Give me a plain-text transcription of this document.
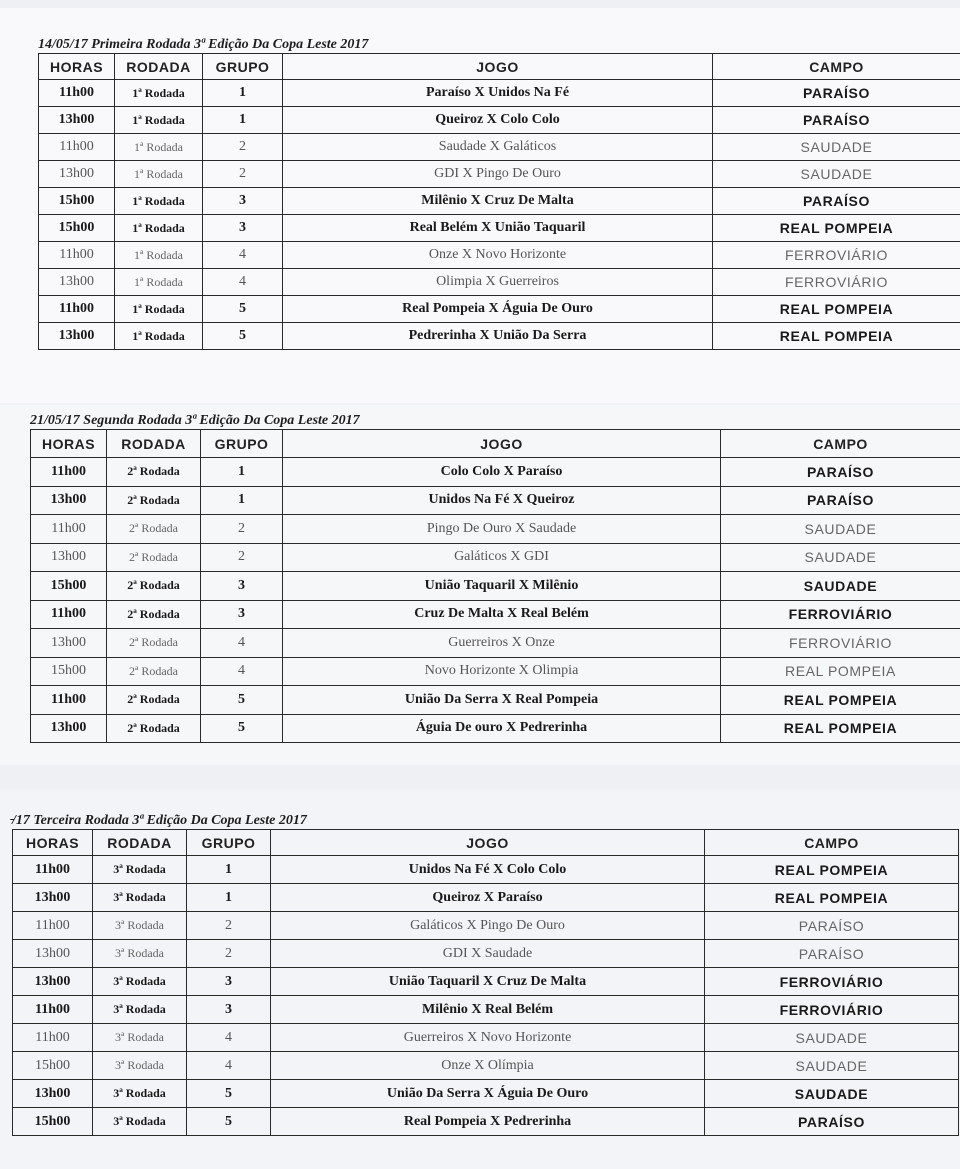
14/05/17 Primeira Rodada 3ª Edição Da Copa Leste 2017
HORAS	RODADA	GRUPO	JOGO	CAMPO
11h00	1ª Rodada	1	Paraíso X Unidos Na Fé	PARAÍSO
13h00	1ª Rodada	1	Queiroz X Colo Colo	PARAÍSO
11h00	1ª Rodada	2	Saudade X Galáticos	SAUDADE
13h00	1ª Rodada	2	GDI X Pingo De Ouro	SAUDADE
15h00	1ª Rodada	3	Milênio X Cruz De Malta	PARAÍSO
15h00	1ª Rodada	3	Real Belém X União Taquaril	REAL POMPEIA
11h00	1ª Rodada	4	Onze X Novo Horizonte	FERROVIÁRIO
13h00	1ª Rodada	4	Olimpia X Guerreiros	FERROVIÁRIO
11h00	1ª Rodada	5	Real Pompeia X Águia De Ouro	REAL POMPEIA
13h00	1ª Rodada	5	Pedrerinha X União Da Serra	REAL POMPEIA
21/05/17 Segunda Rodada 3ª Edição Da Copa Leste 2017
HORAS	RODADA	GRUPO	JOGO	CAMPO
11h00	2ª Rodada	1	Colo Colo X Paraíso	PARAÍSO
13h00	2ª Rodada	1	Unidos Na Fé X Queiroz	PARAÍSO
11h00	2ª Rodada	2	Pingo De Ouro X Saudade	SAUDADE
13h00	2ª Rodada	2	Galáticos X GDI	SAUDADE
15h00	2ª Rodada	3	União Taquaril X Milênio	SAUDADE
11h00	2ª Rodada	3	Cruz De Malta X Real Belém	FERROVIÁRIO
13h00	2ª Rodada	4	Guerreiros X Onze	FERROVIÁRIO
15h00	2ª Rodada	4	Novo Horizonte X Olimpia	REAL POMPEIA
11h00	2ª Rodada	5	União Da Serra X Real Pompeia	REAL POMPEIA
13h00	2ª Rodada	5	Águia De ouro X Pedrerinha	REAL POMPEIA
̵/17 Terceira Rodada 3ª Edição Da Copa Leste 2017
HORAS	RODADA	GRUPO	JOGO	CAMPO
11h00	3ª Rodada	1	Unidos Na Fé X Colo Colo	REAL POMPEIA
13h00	3ª Rodada	1	Queiroz X Paraíso	REAL POMPEIA
11h00	3ª Rodada	2	Galáticos X Pingo De Ouro	PARAÍSO
13h00	3ª Rodada	2	GDI X Saudade	PARAÍSO
13h00	3ª Rodada	3	União Taquaril X Cruz De Malta	FERROVIÁRIO
11h00	3ª Rodada	3	Milênio X Real Belém	FERROVIÁRIO
11h00	3ª Rodada	4	Guerreiros X Novo Horizonte	SAUDADE
15h00	3ª Rodada	4	Onze X Olímpia	SAUDADE
13h00	3ª Rodada	5	União Da Serra X Águia De Ouro	SAUDADE
15h00	3ª Rodada	5	Real Pompeia X Pedrerinha	PARAÍSO
